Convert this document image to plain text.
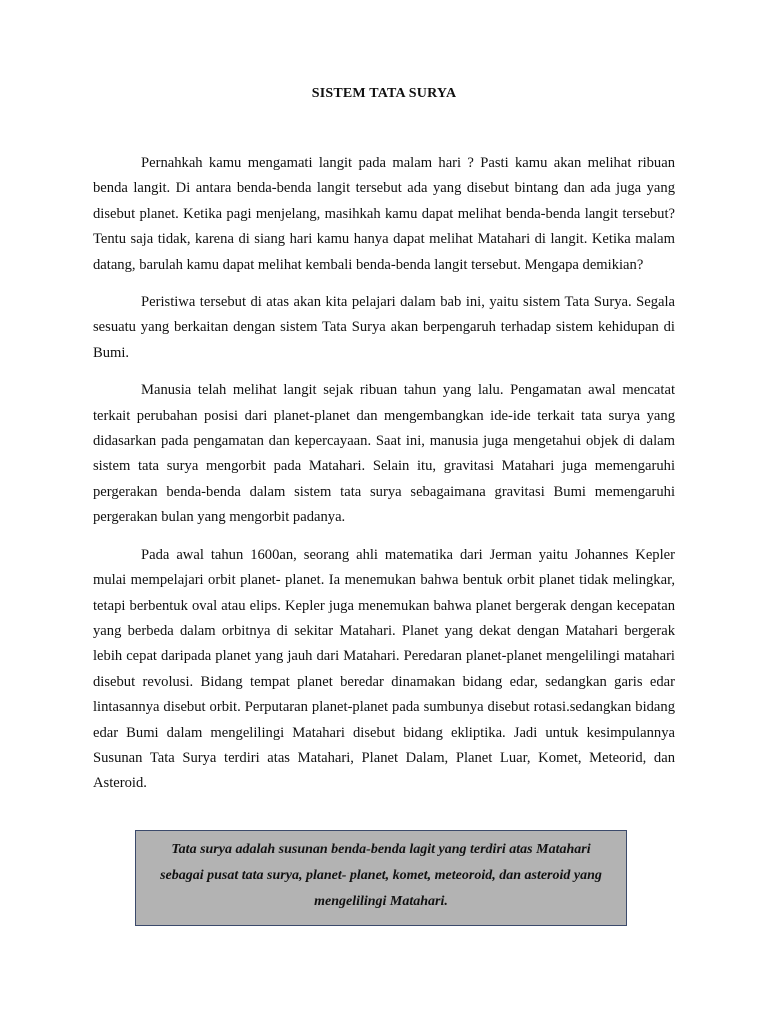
SISTEM TATA SURYA

Pernahkah kamu mengamati langit pada malam hari ? Pasti kamu akan melihat ribuan benda langit. Di antara benda-benda langit tersebut ada yang disebut bintang dan ada juga yang disebut planet. Ketika pagi menjelang, masihkah kamu dapat melihat benda-benda langit tersebut? Tentu saja tidak, karena di siang hari kamu hanya dapat melihat Matahari di langit. Ketika malam datang, barulah kamu dapat melihat kembali benda-benda langit tersebut. Mengapa demikian?

Peristiwa tersebut di atas akan kita pelajari dalam bab ini, yaitu sistem Tata Surya. Segala sesuatu yang berkaitan dengan sistem Tata Surya akan berpengaruh terhadap sistem kehidupan di Bumi.

Manusia telah melihat langit sejak ribuan tahun yang lalu. Pengamatan awal mencatat terkait perubahan posisi dari planet-planet dan mengembangkan ide-ide terkait tata surya yang didasarkan pada pengamatan dan kepercayaan. Saat ini, manusia juga mengetahui objek di dalam sistem tata surya mengorbit pada Matahari. Selain itu, gravitasi Matahari juga memengaruhi pergerakan benda-benda dalam sistem tata surya sebagaimana gravitasi Bumi memengaruhi pergerakan bulan yang mengorbit padanya.

Pada awal tahun 1600an, seorang ahli matematika dari Jerman yaitu Johannes Kepler mulai mempelajari orbit planet- planet. Ia menemukan bahwa bentuk orbit planet tidak melingkar, tetapi berbentuk oval atau elips. Kepler juga menemukan bahwa planet bergerak dengan kecepatan yang berbeda dalam orbitnya di sekitar Matahari. Planet yang dekat dengan Matahari bergerak lebih cepat daripada planet yang jauh dari Matahari. Peredaran planet-planet mengelilingi matahari disebut revolusi. Bidang tempat planet beredar dinamakan bidang edar, sedangkan garis edar lintasannya disebut orbit. Perputaran planet-planet pada sumbunya disebut rotasi.sedangkan bidang edar Bumi dalam mengelilingi Matahari disebut bidang ekliptika. Jadi untuk kesimpulannya Susunan Tata Surya terdiri atas Matahari, Planet Dalam, Planet Luar, Komet, Meteorid, dan Asteroid.

Tata surya adalah susunan benda-benda lagit yang terdiri atas Matahari sebagai pusat tata surya, planet- planet, komet, meteoroid, dan asteroid yang mengelilingi Matahari.
